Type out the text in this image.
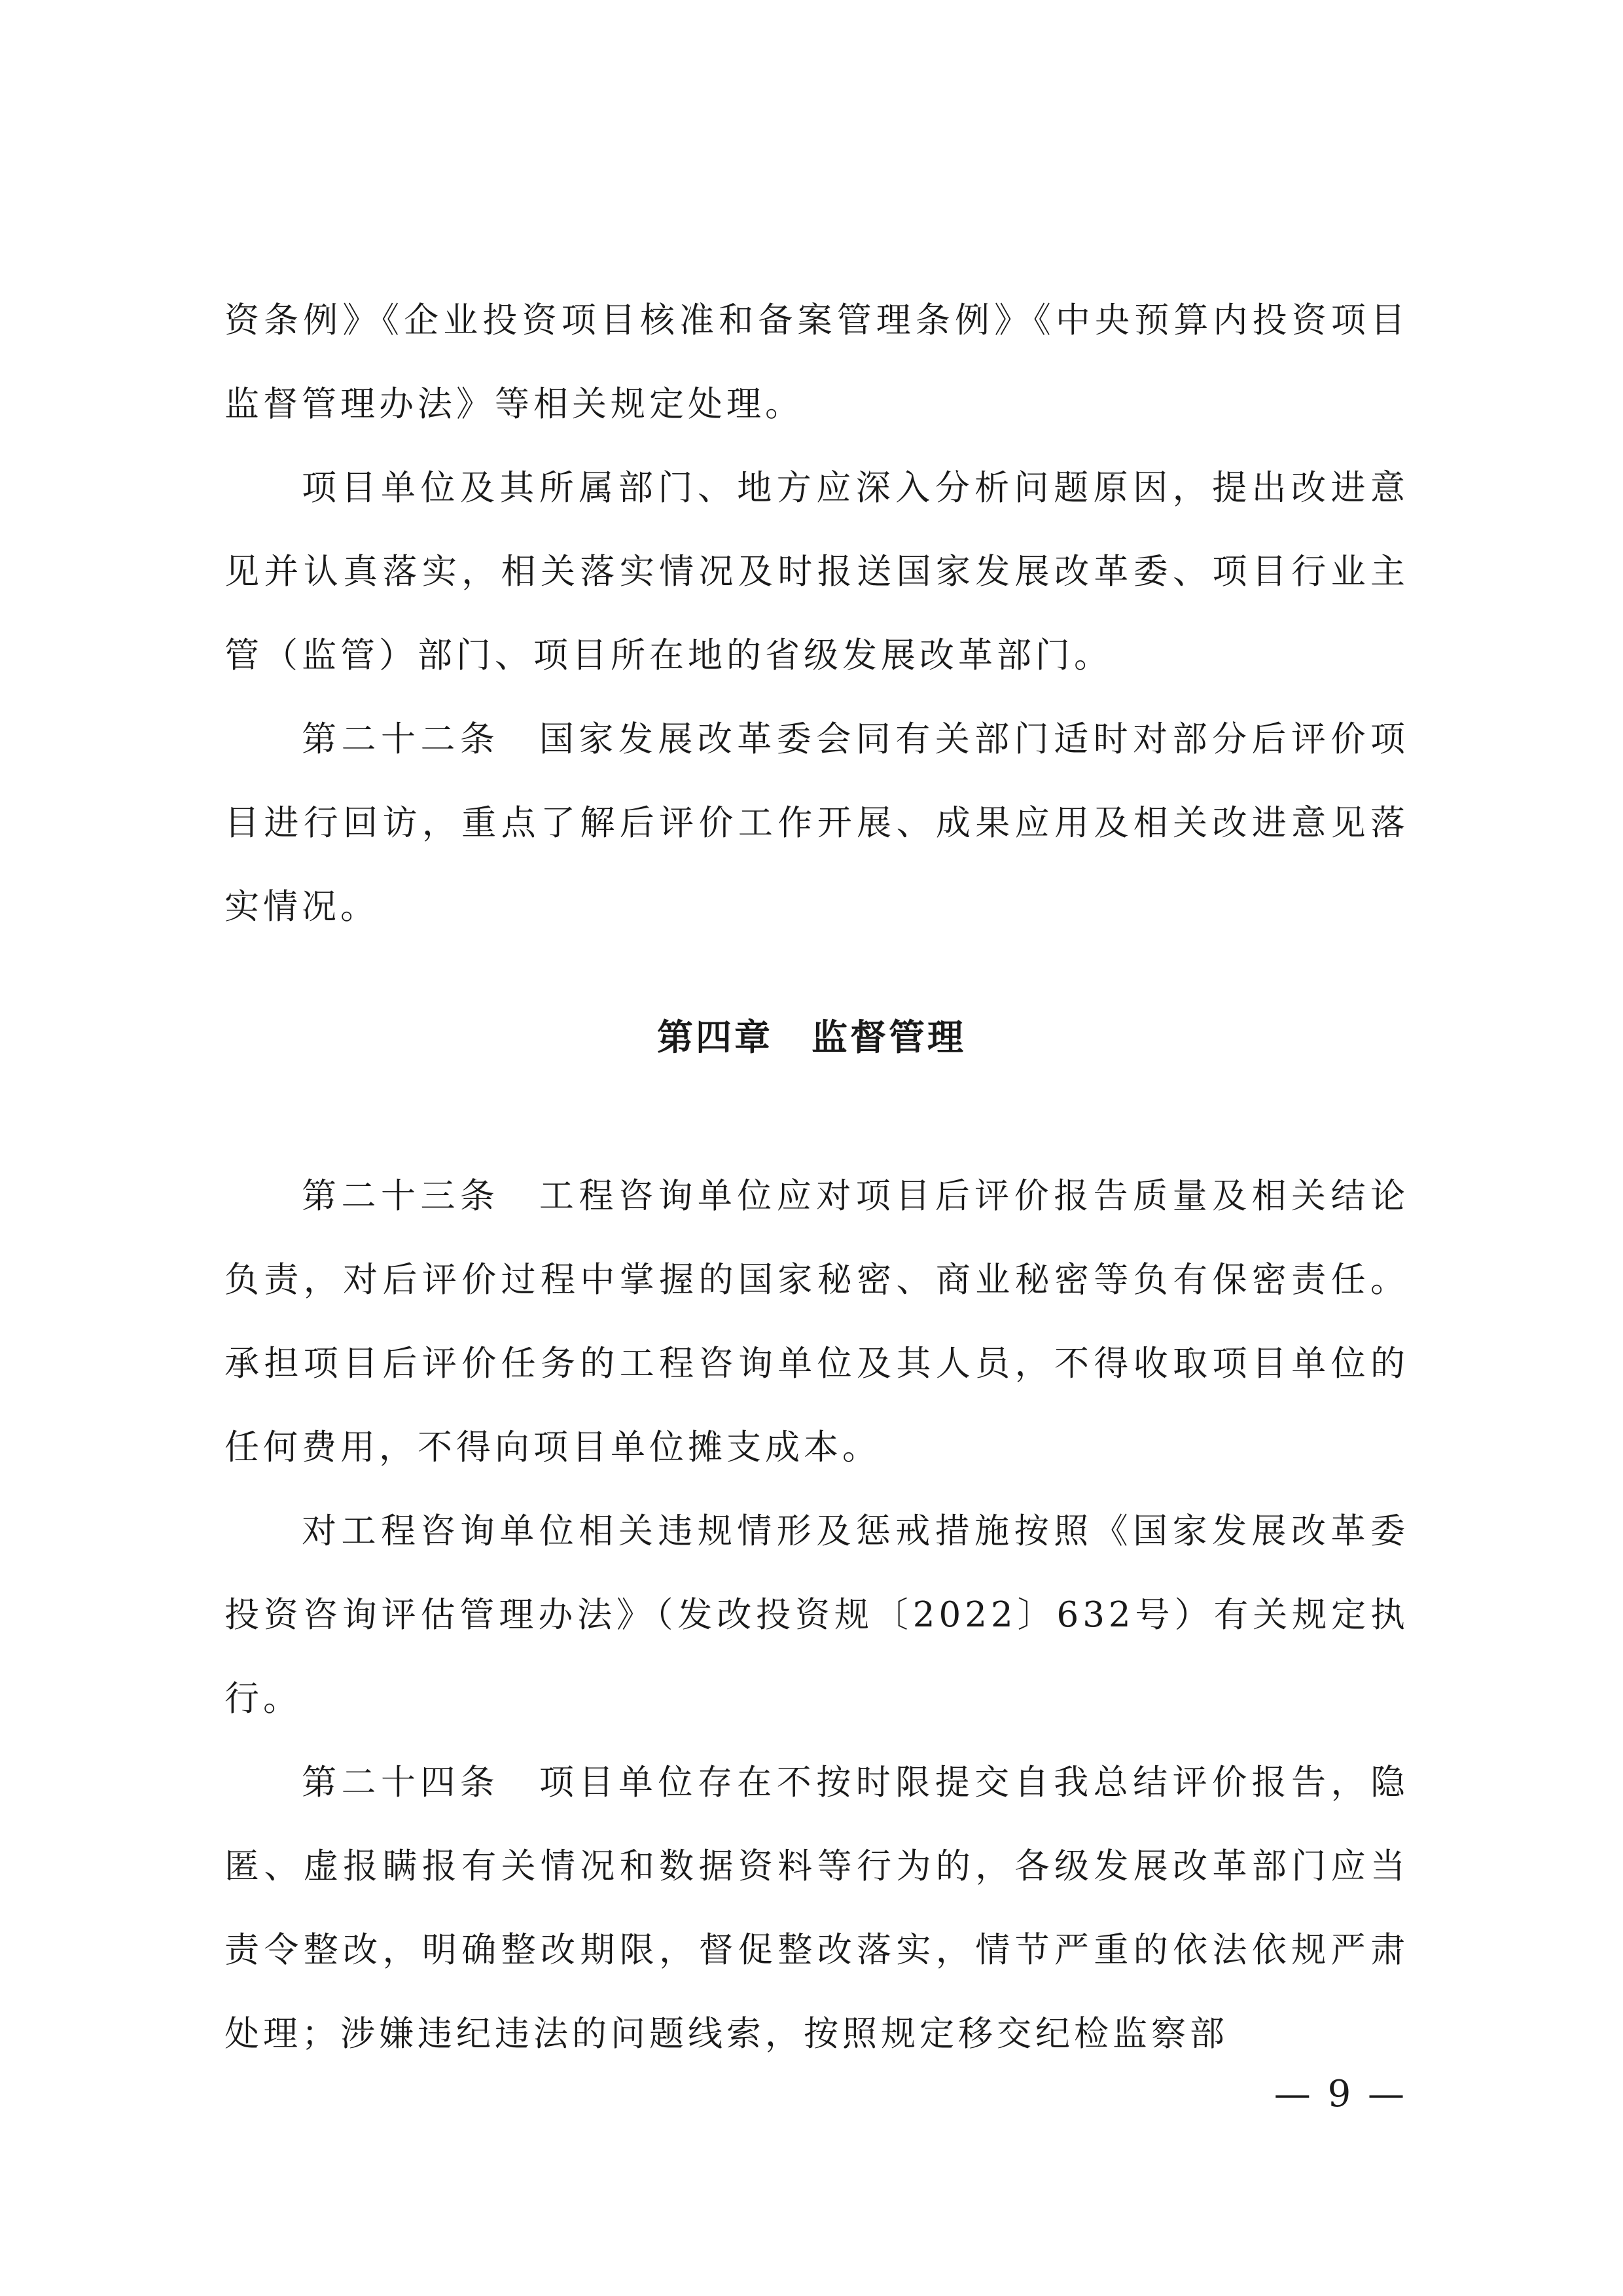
资条例》《企业投资项目核准和备案管理条例》《中央预算内投资项目监督管理办法》等相关规定处理。

项目单位及其所属部门、地方应深入分析问题原因，提出改进意见并认真落实，相关落实情况及时报送国家发展改革委、项目行业主管（监管）部门、项目所在地的省级发展改革部门。

第二十二条　国家发展改革委会同有关部门适时对部分后评价项目进行回访，重点了解后评价工作开展、成果应用及相关改进意见落实情况。

第四章　监督管理

第二十三条　工程咨询单位应对项目后评价报告质量及相关结论负责，对后评价过程中掌握的国家秘密、商业秘密等负有保密责任。承担项目后评价任务的工程咨询单位及其人员，不得收取项目单位的任何费用，不得向项目单位摊支成本。

对工程咨询单位相关违规情形及惩戒措施按照《国家发展改革委投资咨询评估管理办法》（发改投资规〔2022〕632号）有关规定执行。

第二十四条　项目单位存在不按时限提交自我总结评价报告，隐匿、虚报瞒报有关情况和数据资料等行为的，各级发展改革部门应当责令整改，明确整改期限，督促整改落实，情节严重的依法依规严肃处理；涉嫌违纪违法的问题线索，按照规定移交纪检监察部

— 9 —
